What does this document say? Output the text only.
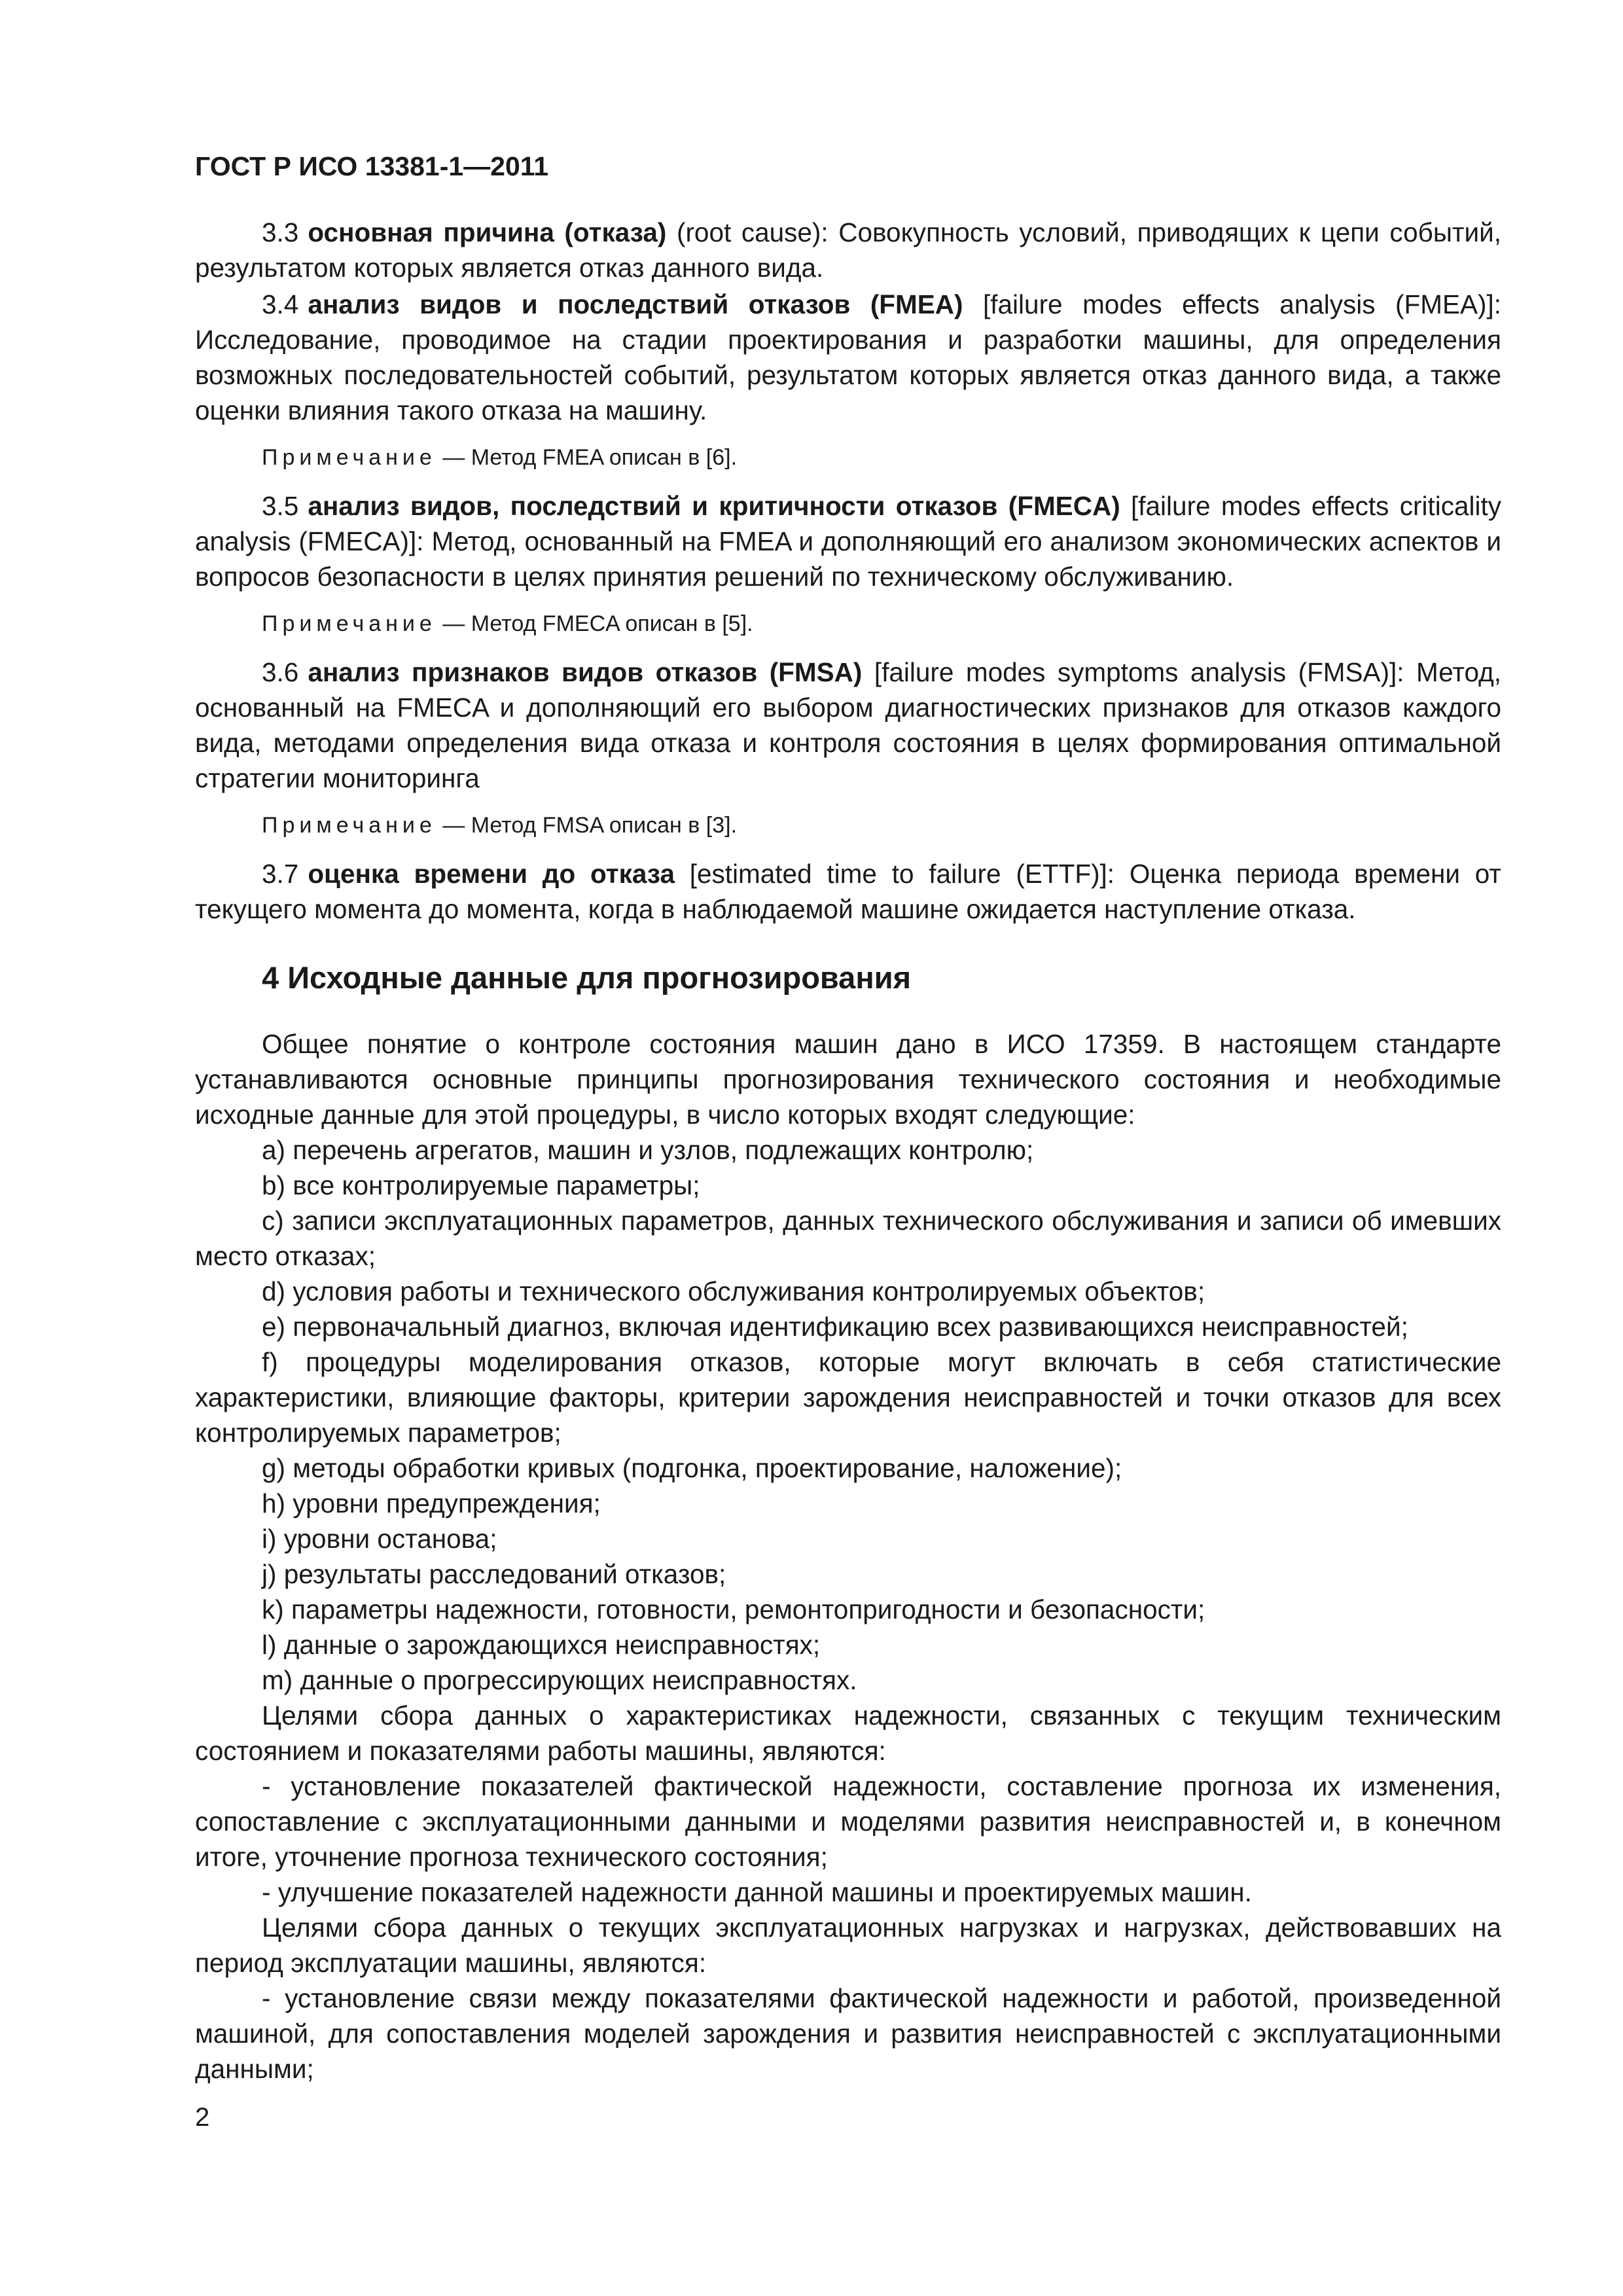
ГОСТ Р ИСО 13381-1—2011

3.3 основная причина (отказа) (root cause): Совокупность условий, приводящих к цепи событий, результатом которых является отказ данного вида.

3.4 анализ видов и последствий отказов (FMEA) [failure modes effects analysis (FMEA)]: Исследование, проводимое на стадии проектирования и разработки машины, для определения возможных последовательностей событий, результатом которых является отказ данного вида, а также оценки влияния такого отказа на машину.

Примечание — Метод FMEA описан в [6].

3.5 анализ видов, последствий и критичности отказов (FMECA) [failure modes effects criticality analysis (FMECA)]: Метод, основанный на FMEA и дополняющий его анализом экономических аспектов и вопросов безопасности в целях принятия решений по техническому обслуживанию.

Примечание — Метод FMECA описан в [5].

3.6 анализ признаков видов отказов (FMSA) [failure modes symptoms analysis (FMSA)]: Метод, основанный на FMECA и дополняющий его выбором диагностических признаков для отказов каждого вида, методами определения вида отказа и контроля состояния в целях формирования оптимальной стратегии мониторинга

Примечание — Метод FMSA описан в [3].

3.7 оценка времени до отказа [estimated time to failure (ETTF)]: Оценка периода времени от текущего момента до момента, когда в наблюдаемой машине ожидается наступление отказа.

4 Исходные данные для прогнозирования

Общее понятие о контроле состояния машин дано в ИСО 17359. В настоящем стандарте устанавливаются основные принципы прогнозирования технического состояния и необходимые исходные данные для этой процедуры, в число которых входят следующие:

a) перечень агрегатов, машин и узлов, подлежащих контролю;

b) все контролируемые параметры;

c) записи эксплуатационных параметров, данных технического обслуживания и записи об имевших место отказах;

d) условия работы и технического обслуживания контролируемых объектов;

e) первоначальный диагноз, включая идентификацию всех развивающихся неисправностей;

f) процедуры моделирования отказов, которые могут включать в себя статистические характеристики, влияющие факторы, критерии зарождения неисправностей и точки отказов для всех контролируемых параметров;

g) методы обработки кривых (подгонка, проектирование, наложение);

h) уровни предупреждения;

i) уровни останова;

j) результаты расследований отказов;

k) параметры надежности, готовности, ремонтопригодности и безопасности;

l) данные о зарождающихся неисправностях;

m) данные о прогрессирующих неисправностях.

Целями сбора данных о характеристиках надежности, связанных с текущим техническим состоянием и показателями работы машины, являются:

- установление показателей фактической надежности, составление прогноза их изменения, сопоставление с эксплуатационными данными и моделями развития неисправностей и, в конечном итоге, уточнение прогноза технического состояния;

- улучшение показателей надежности данной машины и проектируемых машин.

Целями сбора данных о текущих эксплуатационных нагрузках и нагрузках, действовавших на период эксплуатации машины, являются:

- установление связи между показателями фактической надежности и работой, произведенной машиной, для сопоставления моделей зарождения и развития неисправностей с эксплуатационными данными;

2
